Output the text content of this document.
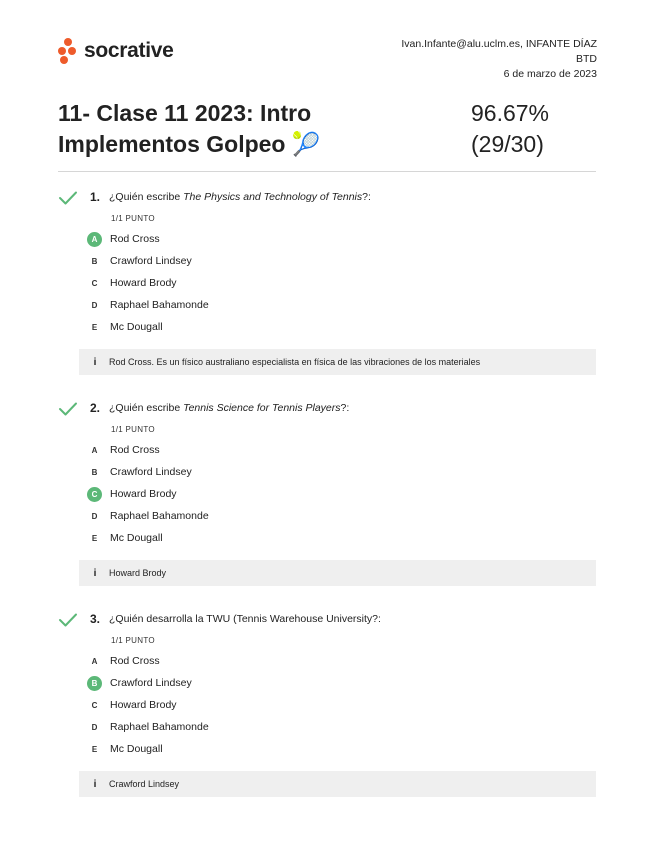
socrative	Ivan.Infante@alu.uclm.es, INFANTE DÍAZ
BTD
6 de marzo de 2023
11- Clase 11 2023: Intro
Implementos Golpeo 🎾
96.67%
(29/30)
1. ¿Quién escribe The Physics and Technology of Tennis?:
1/1 PUNTO
A	Rod Cross
B	Crawford Lindsey
C	Howard Brody
D	Raphael Bahamonde
E	Mc Dougall
i	Rod Cross. Es un físico australiano especialista en física de las vibraciones de los materiales
2. ¿Quién escribe Tennis Science for Tennis Players?:
1/1 PUNTO
A	Rod Cross
B	Crawford Lindsey
C	Howard Brody
D	Raphael Bahamonde
E	Mc Dougall
i	Howard Brody
3. ¿Quién desarrolla la TWU (Tennis Warehouse University?:
1/1 PUNTO
A	Rod Cross
B	Crawford Lindsey
C	Howard Brody
D	Raphael Bahamonde
E	Mc Dougall
i	Crawford Lindsey
